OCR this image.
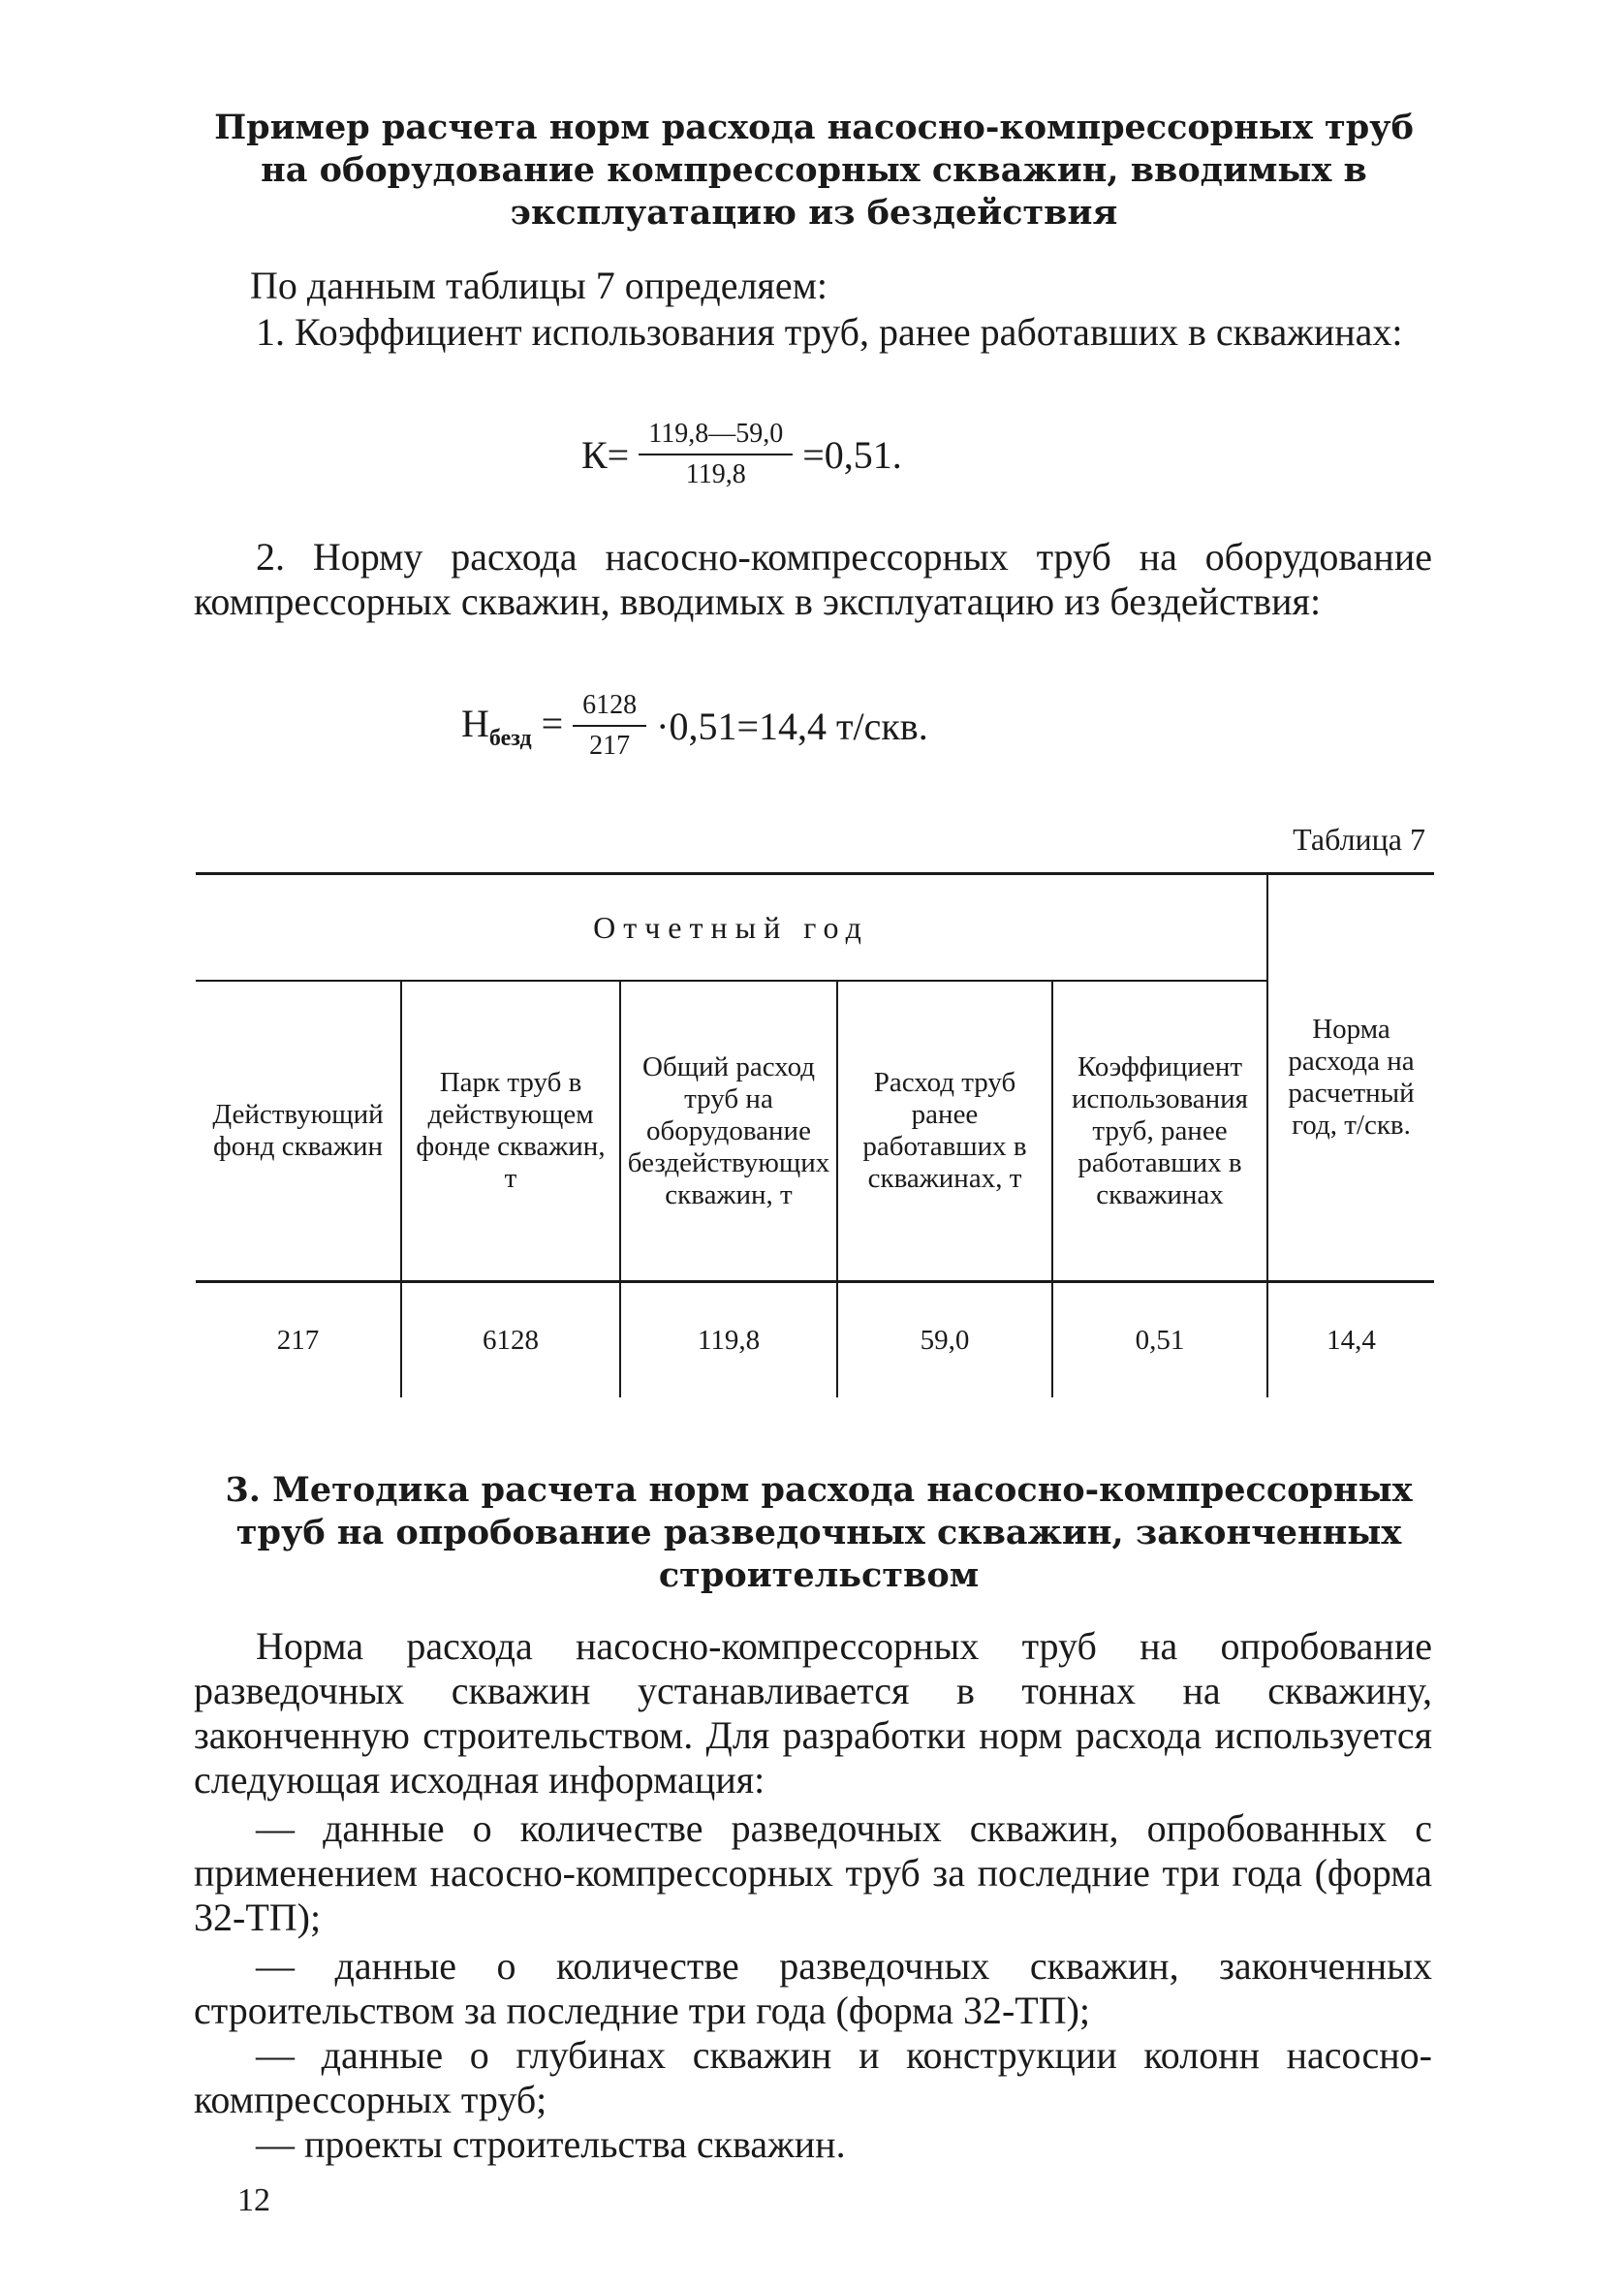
Пример расчета норм расхода насосно-компрессорных труб на оборудование компрессорных скважин, вводимых в эксплуатацию из бездействия

По данным таблицы 7 определяем:

1. Коэффициент использования труб, ранее работавших в скважинах:

$К= \frac{119,8—59,0}{119,8} =0,51$.

2. Норму расхода насосно-компрессорных труб на оборудование компрессорных скважин, вводимых в эксплуатацию из бездействия:

$Н_{безд} = \frac{6128}{217} \cdot 0,51=14,4$ т/скв.

Таблица 7

Отчетный год					Норма расхода на расчетный год, т/скв.
Действующий фонд скважин	Парк труб в действующем фонде скважин, т	Общий расход труб на оборудование бездействующих скважин, т	Расход труб ранее работавших в скважинах, т	Коэффициент использования труб, ранее работавших в скважинах	
217	6128	119,8	59,0	0,51	14,4

3. Методика расчета норм расхода насосно-компрессорных труб на опробование разведочных скважин, законченных строительством

Норма расхода насосно-компрессорных труб на опробование разведочных скважин устанавливается в тоннах на скважину, законченную строительством. Для разработки норм расхода используется следующая исходная информация:

— данные о количестве разведочных скважин, опробованных с применением насосно-компрессорных труб за последние три года (форма 32-ТП);

— данные о количестве разведочных скважин, законченных строительством за последние три года (форма 32-ТП);

— данные о глубинах скважин и конструкции колонн насосно-компрессорных труб;

— проекты строительства скважин.

12
